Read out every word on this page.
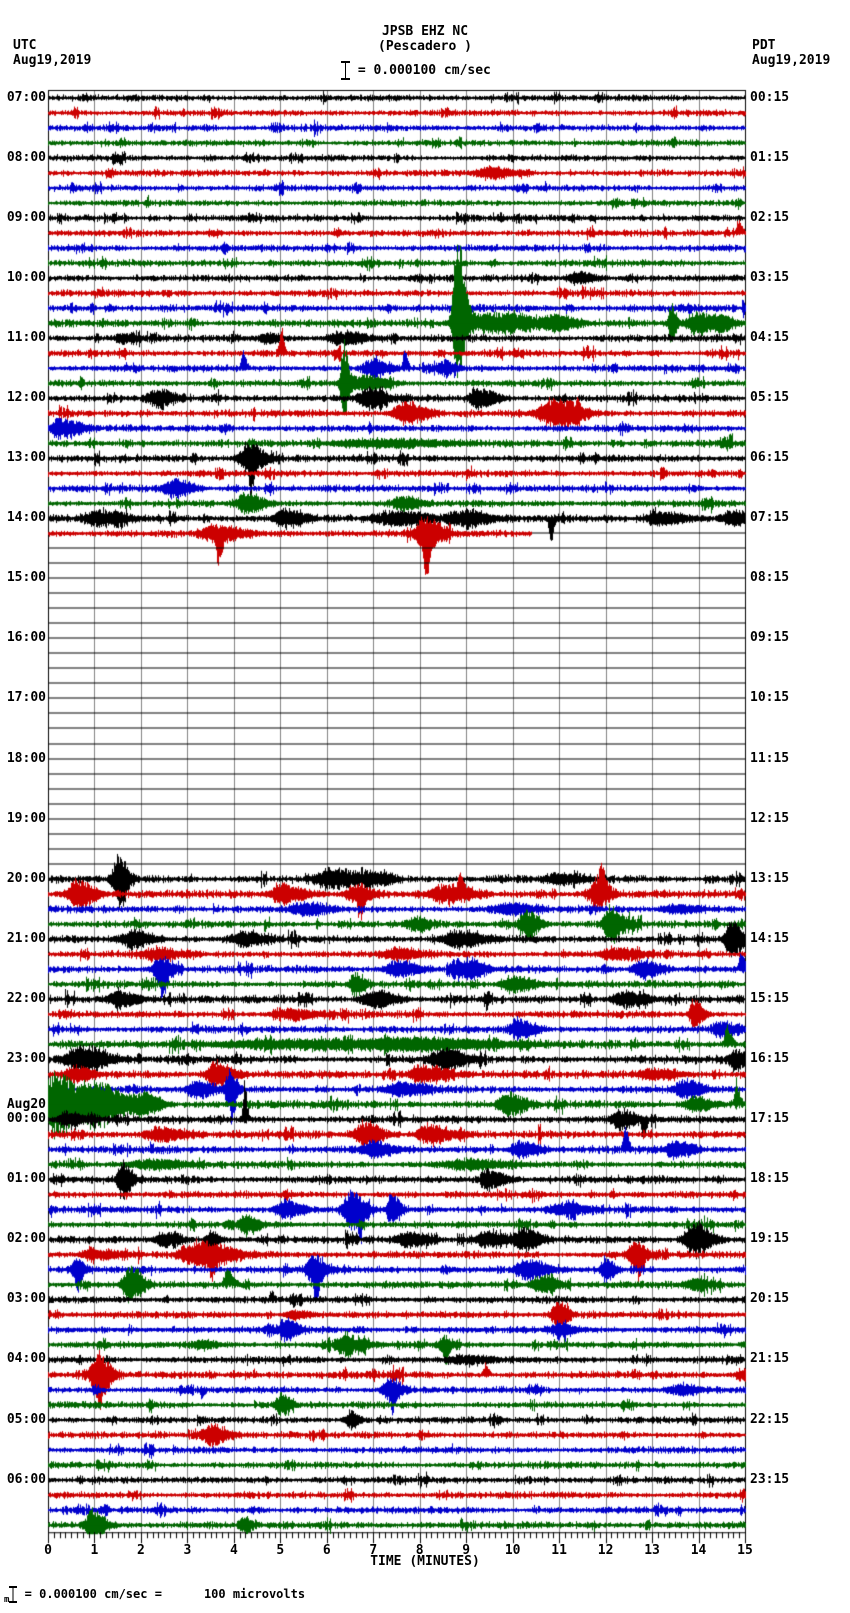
JPSB EHZ NC
(Pescadero )
= 0.000100 cm/sec
UTC
Aug19,2019
PDT
Aug19,2019
07:00	00:15
08:00	01:15
09:00	02:15
10:00	03:15
11:00	04:15
12:00	05:15
13:00	06:15
14:00	07:15
15:00	08:15
16:00	09:15
17:00	10:15
18:00	11:15
19:00	12:15
20:00	13:15
21:00	14:15
22:00	15:15
23:00	16:15
00:00	17:15
01:00	18:15
02:00	19:15
03:00	20:15
04:00	21:15
05:00	22:15
06:00	23:15
Aug20
0	1	2	3	4	5	6	7	8	9	10	11	12	13	14	15
TIME (MINUTES)
$_m$ = 0.000100 cm/sec =	100 microvolts
